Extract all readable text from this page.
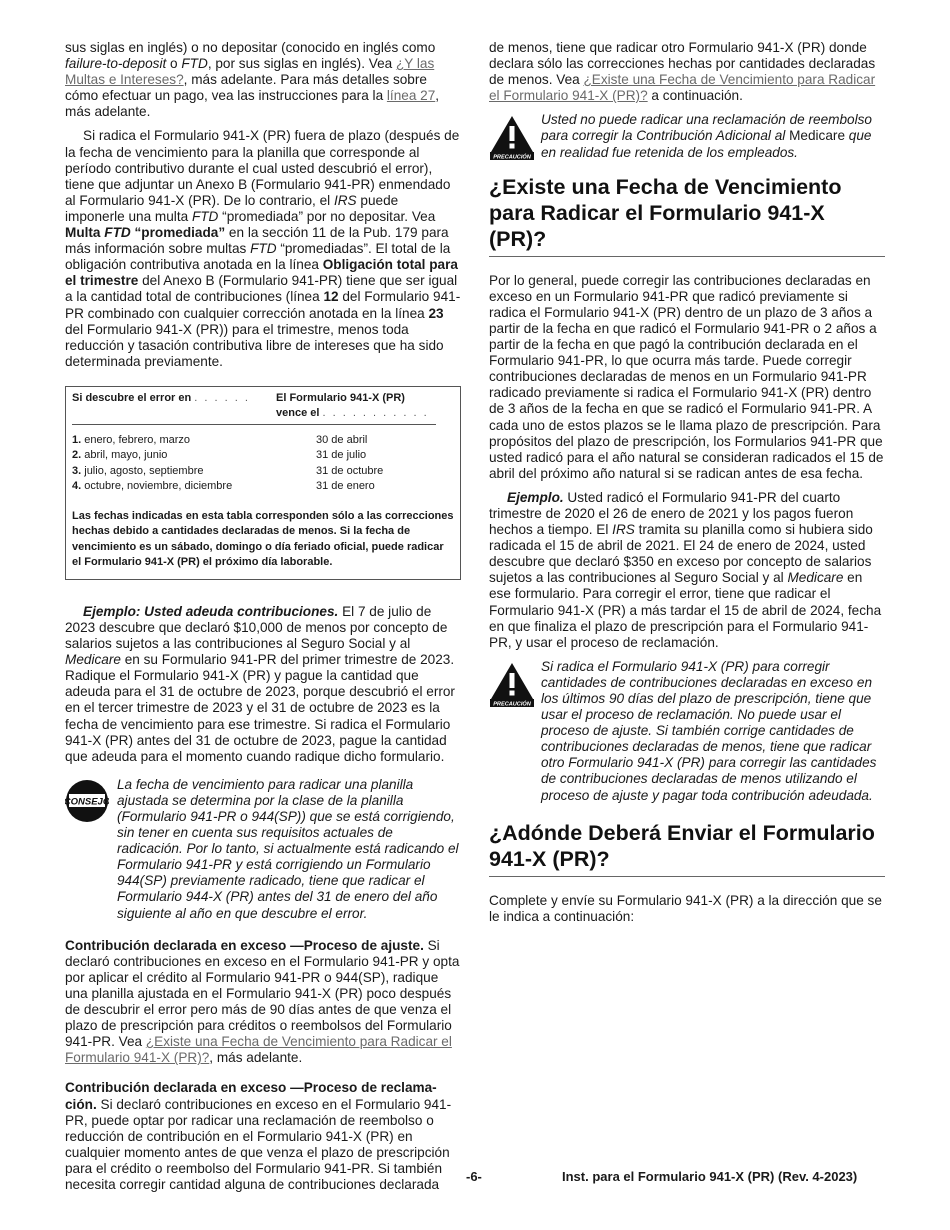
sus siglas en inglés) o no depositar (conocido en inglés como failure-to-deposit o FTD, por sus siglas en inglés). Vea ¿Y las Multas e Intereses?, más adelante. Para más detalles sobre cómo efectuar un pago, vea las instrucciones para la línea 27, más adelante.

Si radica el Formulario 941-X (PR) fuera de plazo (después de la fecha de vencimiento para la planilla que corresponde al período contributivo durante el cual usted descubrió el error), tiene que adjuntar un Anexo B (Formulario 941-PR) enmendado al Formulario 941-X (PR). De lo contrario, el IRS puede imponerle una multa FTD “promediada” por no depositar. Vea Multa FTD “promediada” en la sección 11 de la Pub. 179 para más información sobre multas FTD “promediadas”. El total de la obligación contributiva anotada en la línea Obligación total para el trimestre del Anexo B (Formulario 941-PR) tiene que ser igual a la cantidad total de contribuciones (línea 12 del Formulario 941-PR combinado con cualquier corrección anotada en la línea 23 del Formulario 941-X (PR)) para el trimestre, menos toda reducción y tasación contributiva libre de intereses que ha sido determinada previamente.

Si descubre el error en . . . . . .	El Formulario 941-X (PR) vence el . . . . . . . . . . .
1. enero, febrero, marzo	30 de abril
2. abril, mayo, junio	31 de julio
3. julio, agosto, septiembre	31 de octubre
4. octubre, noviembre, diciembre	31 de enero

Las fechas indicadas en esta tabla corresponden sólo a las correcciones hechas debido a cantidades declaradas de menos. Si la fecha de vencimiento es un sábado, domingo o día feriado oficial, puede radicar el Formulario 941-X (PR) el próximo día laborable.

Ejemplo: Usted adeuda contribuciones. El 7 de julio de 2023 descubre que declaró $10,000 de menos por concepto de salarios sujetos a las contribuciones al Seguro Social y al Medicare en su Formulario 941-PR del primer trimestre de 2023. Radique el Formulario 941-X (PR) y pague la cantidad que adeuda para el 31 de octubre de 2023, porque descubrió el error en el tercer trimestre de 2023 y el 31 de octubre de 2023 es la fecha de vencimiento para ese trimestre. Si radica el Formulario 941-X (PR) antes del 31 de octubre de 2023, pague la cantidad que adeuda para el momento cuando radique dicho formulario.

CONSEJO

La fecha de vencimiento para radicar una planilla ajustada se determina por la clase de la planilla (Formulario 941-PR o 944(SP)) que se está corrigiendo, sin tener en cuenta sus requisitos actuales de radicación. Por lo tanto, si actualmente está radicando el Formulario 941-PR y está corrigiendo un Formulario 944(SP) previamente radicado, tiene que radicar el Formulario 944-X (PR) antes del 31 de enero del año siguiente al año en que descubre el error.

Contribución declarada en exceso —Proceso de ajuste. Si declaró contribuciones en exceso en el Formulario 941-PR y opta por aplicar el crédito al Formulario 941-PR o 944(SP), radique una planilla ajustada en el Formulario 941-X (PR) poco después de descubrir el error pero más de 90 días antes de que venza el plazo de prescripción para créditos o reembolsos del Formulario 941-PR. Vea ¿Existe una Fecha de Vencimiento para Radicar el Formulario 941-X (PR)?, más adelante.

Contribución declarada en exceso —Proceso de reclamación. Si declaró contribuciones en exceso en el Formulario 941-PR, puede optar por radicar una reclamación de reembolso o reducción de contribución en el Formulario 941-X (PR) en cualquier momento antes de que venza el plazo de prescripción para el crédito o reembolso del Formulario 941-PR. Si también necesita corregir cantidad alguna de contribuciones declarada

de menos, tiene que radicar otro Formulario 941-X (PR) donde declara sólo las correcciones hechas por cantidades declaradas de menos. Vea ¿Existe una Fecha de Vencimiento para Radicar el Formulario 941-X (PR)? a continuación.

PRECAUCIÓN

Usted no puede radicar una reclamación de reembolso para corregir la Contribución Adicional al Medicare que en realidad fue retenida de los empleados.

¿Existe una Fecha de Vencimiento para Radicar el Formulario 941-X (PR)?

Por lo general, puede corregir las contribuciones declaradas en exceso en un Formulario 941-PR que radicó previamente si radica el Formulario 941-X (PR) dentro de un plazo de 3 años a partir de la fecha en que radicó el Formulario 941-PR o 2 años a partir de la fecha en que pagó la contribución declarada en el Formulario 941-PR, lo que ocurra más tarde. Puede corregir contribuciones declaradas de menos en un Formulario 941-PR radicado previamente si radica el Formulario 941-X (PR) dentro de 3 años de la fecha en que se radicó el Formulario 941-PR. A cada uno de estos plazos se le llama plazo de prescripción. Para propósitos del plazo de prescripción, los Formularios 941-PR que usted radicó para el año natural se consideran radicados el 15 de abril del próximo año natural si se radican antes de esa fecha.

Ejemplo. Usted radicó el Formulario 941-PR del cuarto trimestre de 2020 el 26 de enero de 2021 y los pagos fueron hechos a tiempo. El IRS tramita su planilla como si hubiera sido radicada el 15 de abril de 2021. El 24 de enero de 2024, usted descubre que declaró $350 en exceso por concepto de salarios sujetos a las contribuciones al Seguro Social y al Medicare en ese formulario. Para corregir el error, tiene que radicar el Formulario 941-X (PR) a más tardar el 15 de abril de 2024, fecha en que finaliza el plazo de prescripción para el Formulario 941-PR, y usar el proceso de reclamación.

PRECAUCIÓN

Si radica el Formulario 941-X (PR) para corregir cantidades de contribuciones declaradas en exceso en los últimos 90 días del plazo de prescripción, tiene que usar el proceso de reclamación. No puede usar el proceso de ajuste. Si también corrige cantidades de contribuciones declaradas de menos, tiene que radicar otro Formulario 941-X (PR) para corregir las cantidades de contribuciones declaradas de menos utilizando el proceso de ajuste y pagar toda contribución adeudada.

¿Adónde Deberá Enviar el Formulario 941-X (PR)?

Complete y envíe su Formulario 941-X (PR) a la dirección que se le indica a continuación:

-6-	Inst. para el Formulario 941-X (PR) (Rev. 4-2023)
